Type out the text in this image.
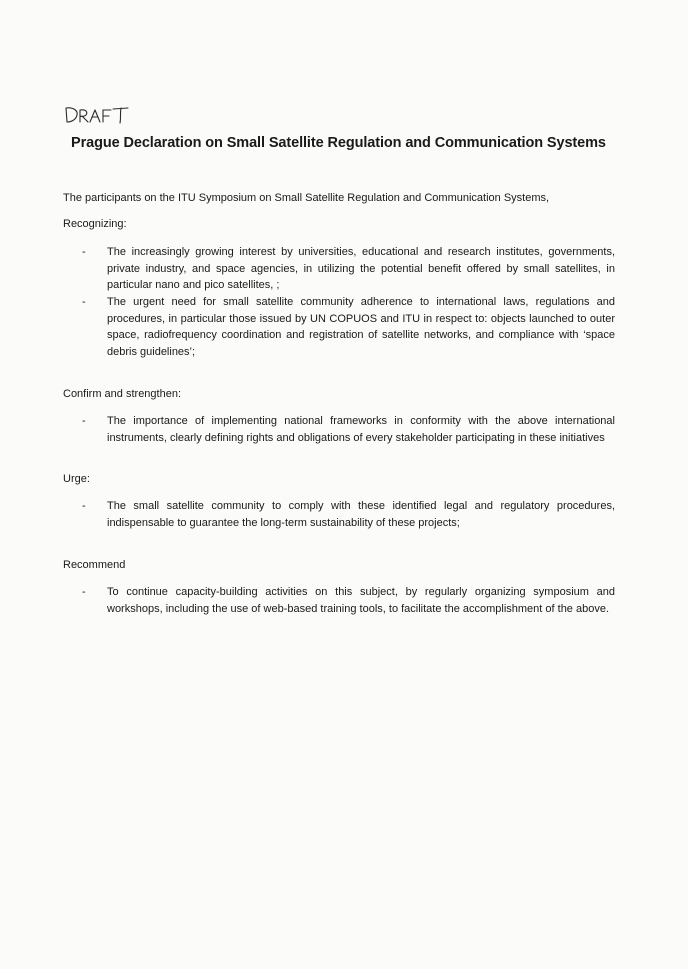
Prague Declaration on Small Satellite Regulation and Communication Systems
The participants on the ITU Symposium on Small Satellite Regulation and Communication Systems,
Recognizing:
- The increasingly growing interest by universities, educational and research institutes, governments, private industry, and space agencies, in utilizing the potential benefit offered by small satellites, in particular nano and pico satellites, ;
- The urgent need for small satellite community adherence to international laws, regulations and procedures, in particular those issued by UN COPUOS and ITU in respect to: objects launched to outer space, radiofrequency coordination and registration of satellite networks, and compliance with ‘space debris guidelines’;
Confirm and strengthen:
- The importance of implementing national frameworks in conformity with the above international instruments, clearly defining rights and obligations of every stakeholder participating in these initiatives
Urge:
- The small satellite community to comply with these identified legal and regulatory procedures, indispensable to guarantee the long-term sustainability of these projects;
Recommend
- To continue capacity-building activities on this subject, by regularly organizing symposium and workshops, including the use of web-based training tools, to facilitate the accomplishment of the above.
